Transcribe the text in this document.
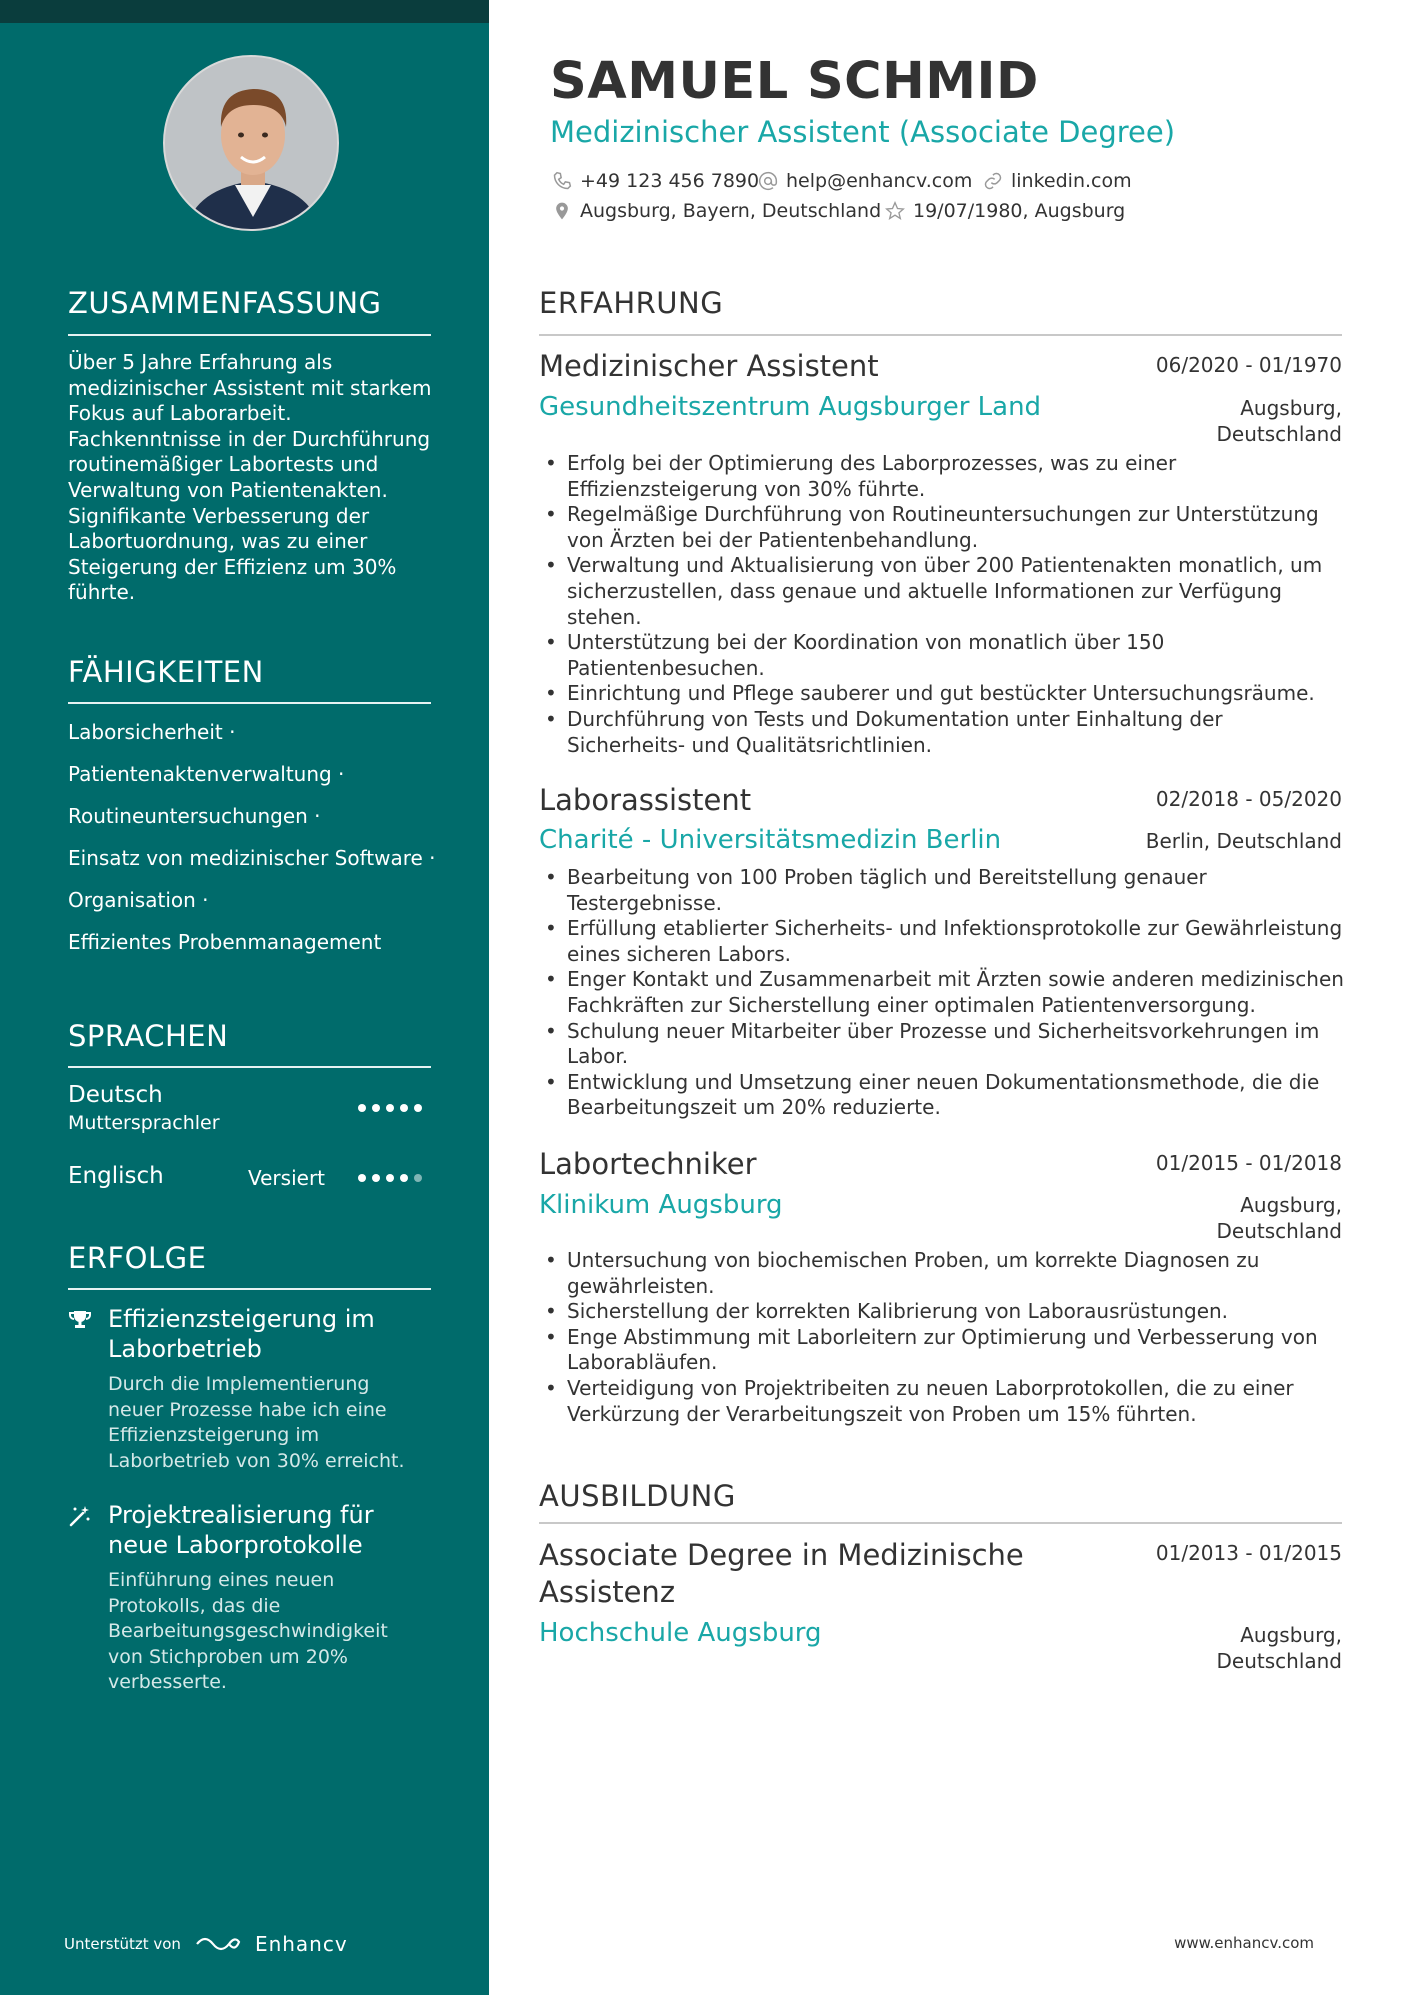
ZUSAMMENFASSUNG
Über 5 Jahre Erfahrung als medizinischer Assistent mit starkem Fokus auf Laborarbeit. Fachkenntnisse in der Durchführung routinemäßiger Labortests und Verwaltung von Patientenakten. Signifikante Verbesserung der Labortuordnung, was zu einer Steigerung der Effizienz um 30% führte.
FÄHIGKEITEN
Laborsicherheit ·
Patientenaktenverwaltung ·
Routineuntersuchungen ·
Einsatz von medizinischer Software ·
Organisation ·
Effizientes Probenmanagement
SPRACHEN
Deutsch
Muttersprachler
Englisch	Versiert
ERFOLGE
Effizienzsteigerung im Laborbetrieb
Durch die Implementierung neuer Prozesse habe ich eine Effizienzsteigerung im Laborbetrieb von 30% erreicht.
Projektrealisierung für neue Laborprotokolle
Einführung eines neuen Protokolls, das die Bearbeitungsgeschwindigkeit von Stichproben um 20% verbesserte.
Unterstützt von	Enhancv
SAMUEL SCHMID
Medizinischer Assistent (Associate Degree)
+49 123 456 7890 help@enhancv.com linkedin.com
Augsburg, Bayern, Deutschland 19/07/1980, Augsburg
ERFAHRUNG
Medizinischer Assistent	06/2020 - 01/1970
Gesundheitszentrum Augsburger Land	Augsburg, Deutschland
• Erfolg bei der Optimierung des Laborprozesses, was zu einer Effizienzsteigerung von 30% führte.
• Regelmäßige Durchführung von Routineuntersuchungen zur Unterstützung von Ärzten bei der Patientenbehandlung.
• Verwaltung und Aktualisierung von über 200 Patientenakten monatlich, um sicherzustellen, dass genaue und aktuelle Informationen zur Verfügung stehen.
• Unterstützung bei der Koordination von monatlich über 150 Patientenbesuchen.
• Einrichtung und Pflege sauberer und gut bestückter Untersuchungsräume.
• Durchführung von Tests und Dokumentation unter Einhaltung der Sicherheits- und Qualitätsrichtlinien.
Laborassistent	02/2018 - 05/2020
Charité - Universitätsmedizin Berlin	Berlin, Deutschland
• Bearbeitung von 100 Proben täglich und Bereitstellung genauer Testergebnisse.
• Erfüllung etablierter Sicherheits- und Infektionsprotokolle zur Gewährleistung eines sicheren Labors.
• Enger Kontakt und Zusammenarbeit mit Ärzten sowie anderen medizinischen Fachkräften zur Sicherstellung einer optimalen Patientenversorgung.
• Schulung neuer Mitarbeiter über Prozesse und Sicherheitsvorkehrungen im Labor.
• Entwicklung und Umsetzung einer neuen Dokumentationsmethode, die die Bearbeitungszeit um 20% reduzierte.
Labortechniker	01/2015 - 01/2018
Klinikum Augsburg	Augsburg, Deutschland
• Untersuchung von biochemischen Proben, um korrekte Diagnosen zu gewährleisten.
• Sicherstellung der korrekten Kalibrierung von Laborausrüstungen.
• Enge Abstimmung mit Laborleitern zur Optimierung und Verbesserung von Laborabläufen.
• Verteidigung von Projektribeiten zu neuen Laborprotokollen, die zu einer Verkürzung der Verarbeitungszeit von Proben um 15% führten.
AUSBILDUNG
Associate Degree in Medizinische Assistenz
01/2013 - 01/2015
Hochschule Augsburg	Augsburg, Deutschland
www.enhancv.com
